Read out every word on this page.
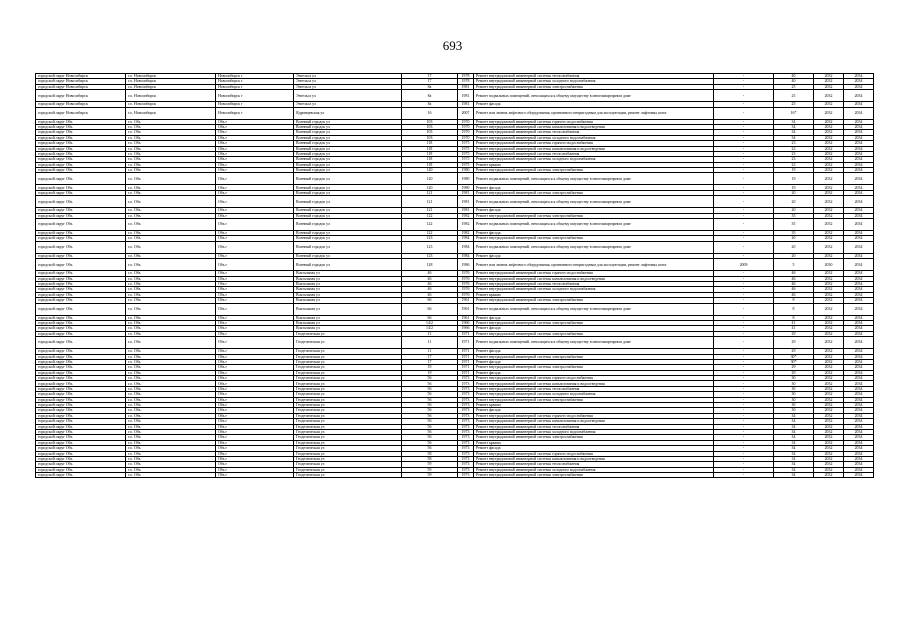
693
городской округ Новосибирск	г.о. Новосибирск	Новосибирск г	Энгельса ул	17	1978	Ремонт внутридомовой инженерной системы теплоснабжения	-	40	2032	2034
городской округ Новосибирск	г.о. Новосибирск	Новосибирск г	Энгельса ул	17	1978	Ремонт внутридомовой инженерной системы холодного водоснабжения	-	40	2032	2034
городской округ Новосибирск	г.о. Новосибирск	Новосибирск г	Энгельса ул	8а	1981	Ремонт внутридомовой инженерной системы электроснабжения	-	25	2032	2034
городской округ Новосибирск	г.о. Новосибирск	Новосибирск г	Энгельса ул	8а	1981	Ремонт подвальных помещений, относящихся к общему имуществу в многоквартирном доме	-	25	2032	2034
городской округ Новосибирск	г.о. Новосибирск	Новосибирск г	Энгельса ул	8а	1981	Ремонт фасада	-	25	2032	2034
городской округ Новосибирск	г.о. Новосибирск	Новосибирск г	Ядринцевская ул	16	2007	Ремонт или замена лифтового оборудования, признанного непригодным для эксплуатации, ремонт лифтовых шахт	-	16*	2032	2034
городской округ Обь	г.о. Обь	Обь г	Военный городок ул	103	1970	Ремонт внутридомовой инженерной системы горячего водоснабжения	-	34	2032	2034
городской округ Обь	г.о. Обь	Обь г	Военный городок ул	103	1970	Ремонт внутридомовой инженерной системы канализования и водоотведения	-	34	2032	2034
городской округ Обь	г.о. Обь	Обь г	Военный городок ул	103	1970	Ремонт внутридомовой инженерной системы теплоснабжения	-	34	2032	2034
городской округ Обь	г.о. Обь	Обь г	Военный городок ул	103	1970	Ремонт внутридомовой инженерной системы холодного водоснабжения	-	34	2032	2034
городской округ Обь	г.о. Обь	Обь г	Военный городок ул	118	1975	Ремонт внутридомовой инженерной системы горячего водоснабжения	-	23	2032	2034
городской округ Обь	г.о. Обь	Обь г	Военный городок ул	118	1975	Ремонт внутридомовой инженерной системы канализования и водоотведения	-	23	2032	2034
городской округ Обь	г.о. Обь	Обь г	Военный городок ул	118	1975	Ремонт внутридомовой инженерной системы теплоснабжения	-	23	2032	2034
городской округ Обь	г.о. Обь	Обь г	Военный городок ул	118	1975	Ремонт внутридомовой инженерной системы холодного водоснабжения	-	23	2032	2034
городской округ Обь	г.о. Обь	Обь г	Военный городок ул	118	1975	Ремонт крыши	-	23	2032	2034
городской округ Обь	г.о. Обь	Обь г	Военный городок ул	120	1980	Ремонт внутридомовой инженерной системы электроснабжения	-	19	2032	2034
городской округ Обь	г.о. Обь	Обь г	Военный городок ул	120	1980	Ремонт подвальных помещений, относящихся к общему имуществу в многоквартирном доме	-	19	2032	2034
городской округ Обь	г.о. Обь	Обь г	Военный городок ул	120	1980	Ремонт фасада	-	19	2032	2034
городской округ Обь	г.о. Обь	Обь г	Военный городок ул	121	1981	Ремонт внутридомовой инженерной системы электроснабжения	-	20	2032	2034
городской округ Обь	г.о. Обь	Обь г	Военный городок ул	121	1981	Ремонт подвальных помещений, относящихся к общему имуществу в многоквартирном доме	-	20	2032	2034
городской округ Обь	г.о. Обь	Обь г	Военный городок ул	121	1981	Ремонт фасада	-	20	2032	2034
городской округ Обь	г.о. Обь	Обь г	Военный городок ул	122	1982	Ремонт внутридомовой инженерной системы электроснабжения	-	35	2032	2034
городской округ Обь	г.о. Обь	Обь г	Военный городок ул	122	1982	Ремонт подвальных помещений, относящихся к общему имуществу в многоквартирном доме	-	35	2032	2034
городской округ Обь	г.о. Обь	Обь г	Военный городок ул	122	1982	Ремонт фасада	-	35	2032	2034
городской округ Обь	г.о. Обь	Обь г	Военный городок ул	123	1984	Ремонт внутридомовой инженерной системы электроснабжения	-	20	2032	2034
городской округ Обь	г.о. Обь	Обь г	Военный городок ул	123	1984	Ремонт подвальных помещений, относящихся к общему имуществу в многоквартирном доме	-	20	2032	2034
городской округ Обь	г.о. Обь	Обь г	Военный городок ул	123	1984	Ремонт фасада	-	20	2032	2034
городской округ Обь	г.о. Обь	Обь г	Военный городок ул	128	1986	Ремонт или замена лифтового оборудования, признанного непригодным для эксплуатации, ремонт лифтовых шахт	2009	5	2030	2034
городской округ Обь	г.о. Обь	Обь г	Вокзальная ул	46	1976	Ремонт внутридомовой инженерной системы горячего водоснабжения	-	46	2032	2034
городской округ Обь	г.о. Обь	Обь г	Вокзальная ул	46	1976	Ремонт внутридомовой инженерной системы канализования и водоотведения	-	46	2032	2034
городской округ Обь	г.о. Обь	Обь г	Вокзальная ул	46	1976	Ремонт внутридомовой инженерной системы теплоснабжения	-	46	2032	2034
городской округ Обь	г.о. Обь	Обь г	Вокзальная ул	46	1976	Ремонт внутридомовой инженерной системы холодного водоснабжения	-	46	2032	2034
городской округ Обь	г.о. Обь	Обь г	Вокзальная ул	46	1976	Ремонт крыши	-	46	2032	2034
городской округ Обь	г.о. Обь	Обь г	Вокзальная ул	66	1961	Ремонт внутридомовой инженерной системы электроснабжения	-	8	2032	2034
городской округ Обь	г.о. Обь	Обь г	Вокзальная ул	66	1961	Ремонт подвальных помещений, относящихся к общему имуществу в многоквартирном доме	-	8	2032	2034
городской округ Обь	г.о. Обь	Обь г	Вокзальная ул	66	1961	Ремонт фасада	-	8	2032	2034
городской округ Обь	г.о. Обь	Обь г	Вокзальная ул	14/2	1966	Ремонт внутридомовой инженерной системы электроснабжения	-	41	2032	2034
городской округ Обь	г.о. Обь	Обь г	Вокзальная ул	14/2	1966	Ремонт фасада	-	41	2032	2034
городской округ Обь	г.о. Обь	Обь г	Геодезическая ул	11	1971	Ремонт внутридомовой инженерной системы электроснабжения	-	29	2032	2034
городской округ Обь	г.о. Обь	Обь г	Геодезическая ул	11	1971	Ремонт подвальных помещений, относящихся к общему имуществу в многоквартирном доме	-	29	2032	2034
городской округ Обь	г.о. Обь	Обь г	Геодезическая ул	11	1971	Ремонт фасада	-	29	2032	2034
городской округ Обь	г.о. Обь	Обь г	Геодезическая ул	17	1971	Ремонт внутридомовой инженерной системы электроснабжения	-	30*	2032	2034
городской округ Обь	г.о. Обь	Обь г	Геодезическая ул	17	1971	Ремонт фасада	-	30*	2032	2034
городской округ Обь	г.о. Обь	Обь г	Геодезическая ул	19	1971	Ремонт внутридомовой инженерной системы электроснабжения	-	29	2032	2034
городской округ Обь	г.о. Обь	Обь г	Геодезическая ул	19	1971	Ремонт фасада	-	29	2032	2034
городской округ Обь	г.о. Обь	Обь г	Геодезическая ул	56	1973	Ремонт внутридомовой инженерной системы горячего водоснабжения	-	30	2032	2034
городской округ Обь	г.о. Обь	Обь г	Геодезическая ул	56	1973	Ремонт внутридомовой инженерной системы канализования и водоотведения	-	30	2032	2034
городской округ Обь	г.о. Обь	Обь г	Геодезическая ул	56	1973	Ремонт внутридомовой инженерной системы теплоснабжения	-	30	2032	2034
городской округ Обь	г.о. Обь	Обь г	Геодезическая ул	56	1973	Ремонт внутридомовой инженерной системы холодного водоснабжения	-	30	2032	2034
городской округ Обь	г.о. Обь	Обь г	Геодезическая ул	56	1973	Ремонт внутридомовой инженерной системы электроснабжения	-	30	2032	2034
городской округ Обь	г.о. Обь	Обь г	Геодезическая ул	56	1973	Ремонт крыши	-	30	2032	2034
городской округ Обь	г.о. Обь	Обь г	Геодезическая ул	56	1973	Ремонт фасада	-	30	2032	2034
городской округ Обь	г.о. Обь	Обь г	Геодезическая ул	56	1973	Ремонт внутридомовой инженерной системы горячего водоснабжения	-	34	2032	2034
городской округ Обь	г.о. Обь	Обь г	Геодезическая ул	56	1973	Ремонт внутридомовой инженерной системы канализования и водоотведения	-	34	2032	2034
городской округ Обь	г.о. Обь	Обь г	Геодезическая ул	56	1973	Ремонт внутридомовой инженерной системы теплоснабжения	-	34	2032	2034
городской округ Обь	г.о. Обь	Обь г	Геодезическая ул	56	1973	Ремонт внутридомовой инженерной системы холодного водоснабжения	-	34	2032	2034
городской округ Обь	г.о. Обь	Обь г	Геодезическая ул	56	1973	Ремонт внутридомовой инженерной системы электроснабжения	-	34	2032	2034
городской округ Обь	г.о. Обь	Обь г	Геодезическая ул	56	1973	Ремонт крыши	-	34	2032	2034
городской округ Обь	г.о. Обь	Обь г	Геодезическая ул	56	1973	Ремонт фасада	-	34	2032	2034
городской округ Обь	г.о. Обь	Обь г	Геодезическая ул	58	1973	Ремонт внутридомовой инженерной системы горячего водоснабжения	-	34	2032	2034
городской округ Обь	г.о. Обь	Обь г	Геодезическая ул	58	1973	Ремонт внутридомовой инженерной системы канализования и водоотведения	-	34	2032	2034
городской округ Обь	г.о. Обь	Обь г	Геодезическая ул	59	1973	Ремонт внутридомовой инженерной системы теплоснабжения	-	34	2032	2034
городской округ Обь	г.о. Обь	Обь г	Геодезическая ул	59	1973	Ремонт внутридомовой инженерной системы холодного водоснабжения	-	34	2032	2034
городской округ Обь	г.о. Обь	Обь г	Геодезическая ул	59	1973	Ремонт внутридомовой инженерной системы электроснабжения	-	34	2032	2034
